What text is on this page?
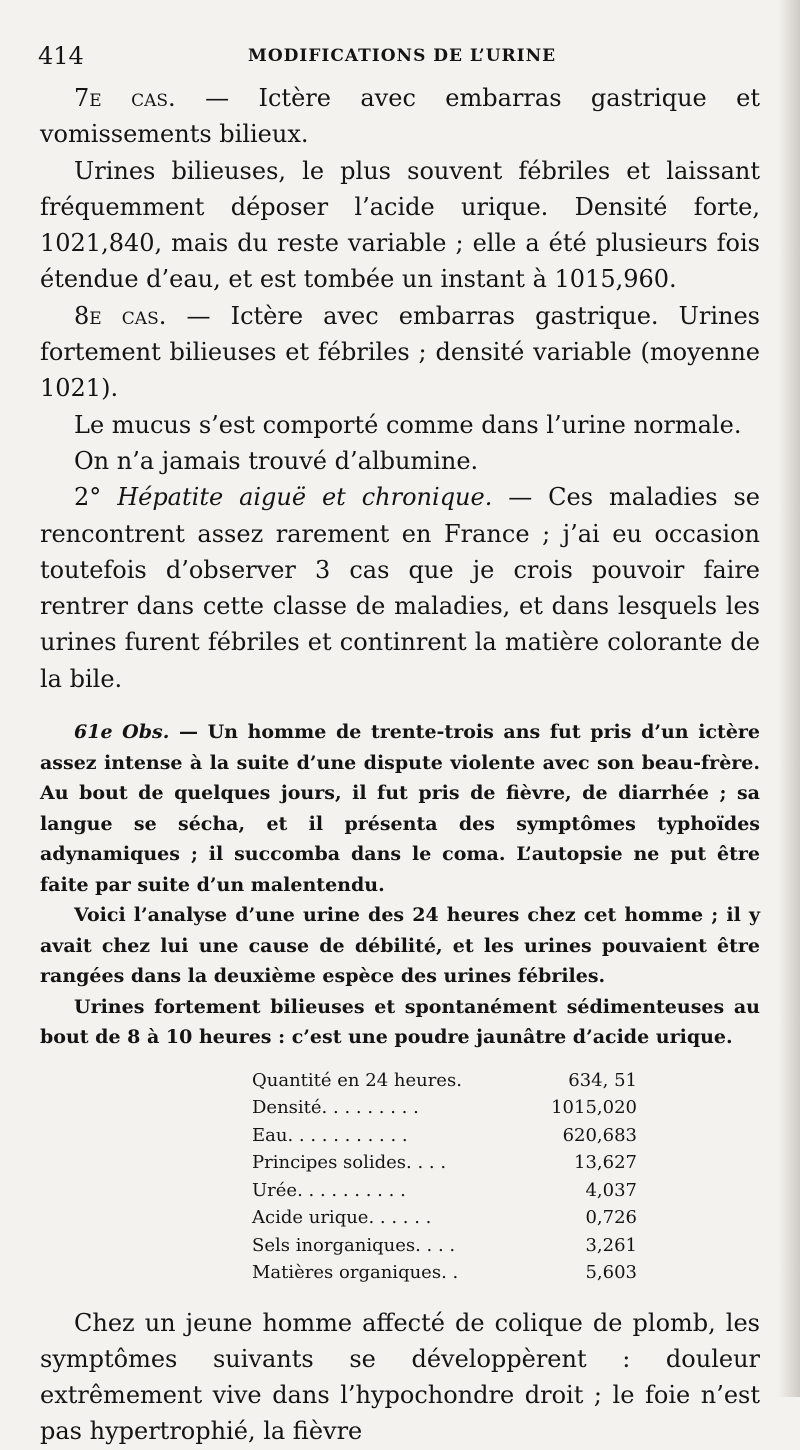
414	MODIFICATIONS DE L’URINE

7e cas. — Ictère avec embarras gastrique et vomissements bilieux.

Urines bilieuses, le plus souvent fébriles et laissant fréquemment déposer l’acide urique. Densité forte, 1021,840, mais du reste variable ; elle a été plusieurs fois étendue d’eau, et est tombée un instant à 1015,960.

8e cas. — Ictère avec embarras gastrique. Urines fortement bilieuses et fébriles ; densité variable (moyenne 1021).

Le mucus s’est comporté comme dans l’urine normale.

On n’a jamais trouvé d’albumine.

2° Hépatite aiguë et chronique. — Ces maladies se rencontrent assez rarement en France ; j’ai eu occasion toutefois d’observer 3 cas que je crois pouvoir faire rentrer dans cette classe de maladies, et dans lesquels les urines furent fébriles et continrent la matière colorante de la bile.

61e Obs. — Un homme de trente-trois ans fut pris d’un ictère assez intense à la suite d’une dispute violente avec son beau-frère. Au bout de quelques jours, il fut pris de fièvre, de diarrhée ; sa langue se sécha, et il présenta des symptômes typhoïdes adynamiques ; il succomba dans le coma. L’autopsie ne put être faite par suite d’un malentendu.

Voici l’analyse d’une urine des 24 heures chez cet homme ; il y avait chez lui une cause de débilité, et les urines pouvaient être rangées dans la deuxième espèce des urines fébriles.

Urines fortement bilieuses et spontanément sédimenteuses au bout de 8 à 10 heures : c’est une poudre jaunâtre d’acide urique.

Quantité en 24 heures.	634, 51
Densité. . . . . . . . .	1015,020
Eau. . . . . . . . . . .	620,683
Principes solides. . . .	13,627
Urée. . . . . . . . . .	4,037
Acide urique. . . . . .	0,726
Sels inorganiques. . . .	3,261
Matières organiques. .	5,603

Chez un jeune homme affecté de colique de plomb, les symptômes suivants se développèrent : douleur extrêmement vive dans l’hypochondre droit ; le foie n’est pas hypertrophié, la fièvre
